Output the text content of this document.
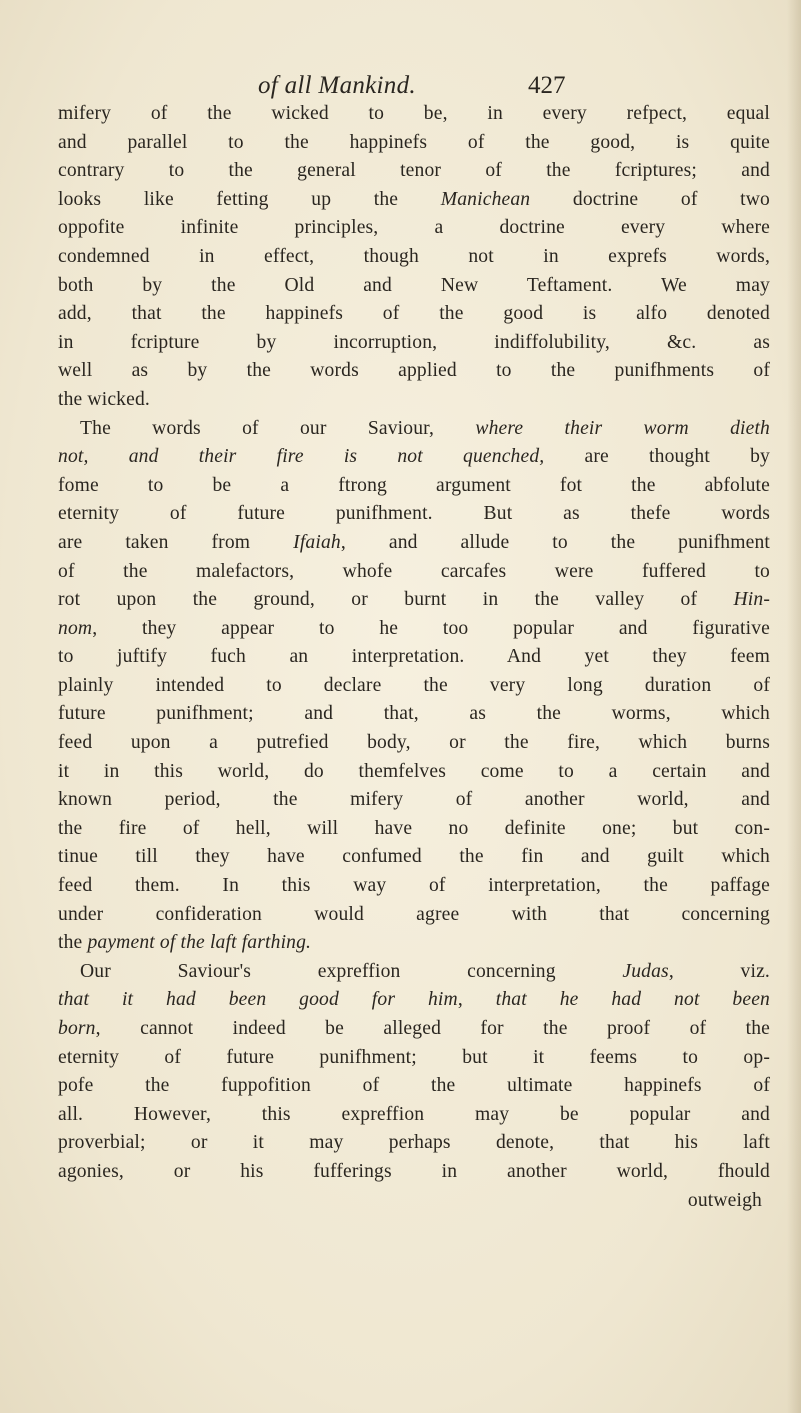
of all Mankind.	427
mifery of the wicked to be, in every refpect, equal
and parallel to the happinefs of the good, is quite
contrary to the general tenor of the fcriptures; and
looks like fetting up the Manichean doctrine of two
oppofite infinite principles, a doctrine every where
condemned in effect, though not in exprefs words,
both by the Old and New Teftament. We may
add, that the happinefs of the good is alfo denoted
in fcripture by incorruption, indiffolubility, &c. as
well as by the words applied to the punifhments of
the wicked.
The words of our Saviour, where their worm dieth
not, and their fire is not quenched, are thought by
fome to be a ftrong argument fot the abfolute
eternity of future punifhment. But as thefe words
are taken from Ifaiah, and allude to the punifhment
of the malefactors, whofe carcafes were fuffered to
rot upon the ground, or burnt in the valley of Hin-
nom, they appear to he too popular and figurative
to juftify fuch an interpretation. And yet they feem
plainly intended to declare the very long duration of
future punifhment; and that, as the worms, which
feed upon a putrefied body, or the fire, which burns
it in this world, do themfelves come to a certain and
known period, the mifery of another world, and
the fire of hell, will have no definite one; but con-
tinue till they have confumed the fin and guilt which
feed them. In this way of interpretation, the paffage
under confideration would agree with that concerning
the payment of the laft farthing.
Our Saviour's expreffion concerning Judas, viz.
that it had been good for him, that he had not been
born, cannot indeed be alleged for the proof of the
eternity of future punifhment; but it feems to op-
pofe the fuppofition of the ultimate happinefs of
all. However, this expreffion may be popular and
proverbial; or it may perhaps denote, that his laft
agonies, or his fufferings in another world, fhould
outweigh
